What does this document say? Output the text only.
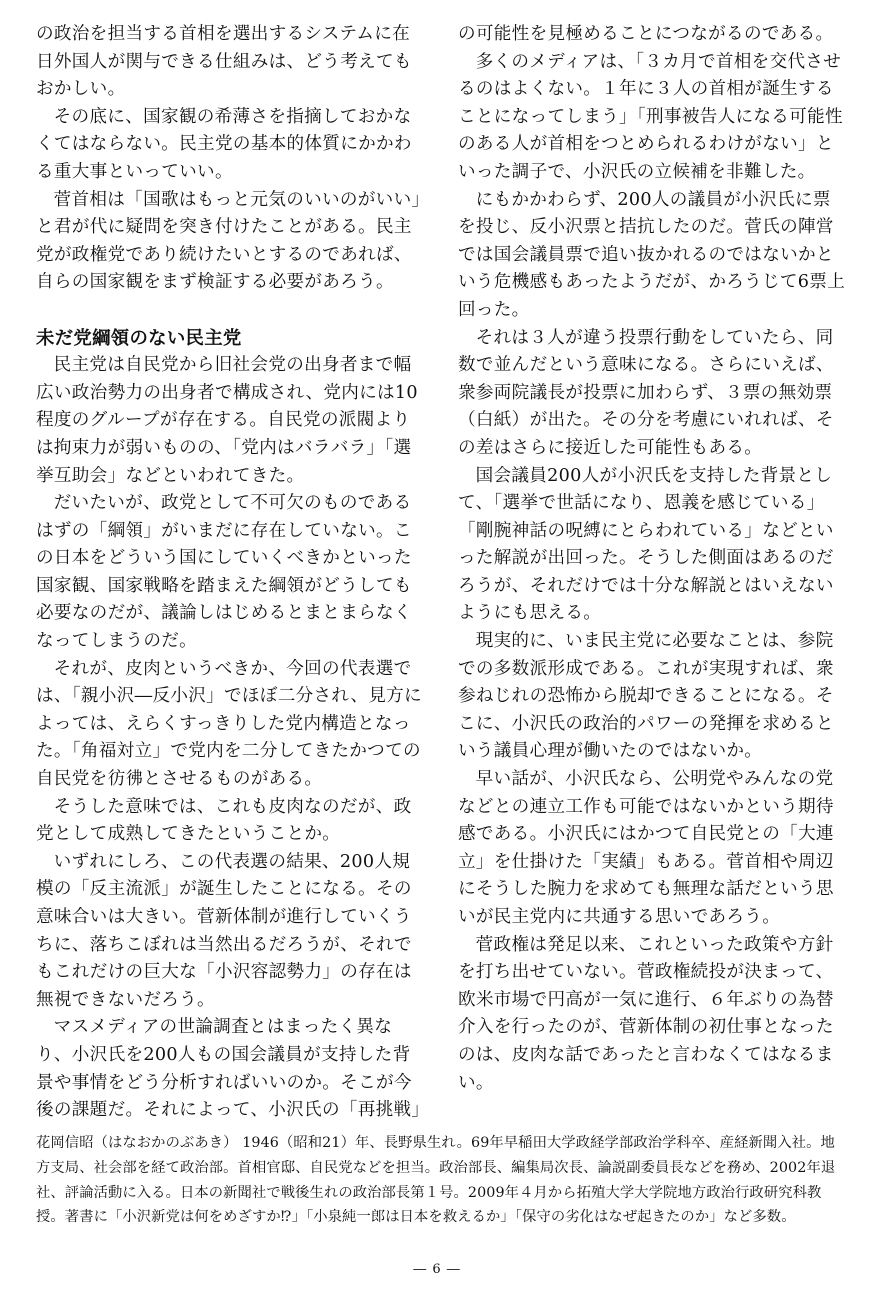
の政治を担当する首相を選出するシステムに在日外国人が関与できる仕組みは、どう考えてもおかしい。

その底に、国家観の希薄さを指摘しておかなくてはならない。民主党の基本的体質にかかわる重大事といっていい。

菅首相は「国歌はもっと元気のいいのがいい」と君が代に疑問を突き付けたことがある。民主党が政権党であり続けたいとするのであれば、自らの国家観をまず検証する必要があろう。

未だ党綱領のない民主党

民主党は自民党から旧社会党の出身者まで幅広い政治勢力の出身者で構成され、党内には10程度のグループが存在する。自民党の派閥よりは拘束力が弱いものの、「党内はバラバラ」「選挙互助会」などといわれてきた。

だいたいが、政党として不可欠のものであるはずの「綱領」がいまだに存在していない。この日本をどういう国にしていくべきかといった国家観、国家戦略を踏まえた綱領がどうしても必要なのだが、議論しはじめるとまとまらなくなってしまうのだ。

それが、皮肉というべきか、今回の代表選では、「親小沢―反小沢」でほぼ二分され、見方によっては、えらくすっきりした党内構造となった。「角福対立」で党内を二分してきたかつての自民党を彷彿とさせるものがある。

そうした意味では、これも皮肉なのだが、政党として成熟してきたということか。

いずれにしろ、この代表選の結果、200人規模の「反主流派」が誕生したことになる。その意味合いは大きい。菅新体制が進行していくうちに、落ちこぼれは当然出るだろうが、それでもこれだけの巨大な「小沢容認勢力」の存在は無視できないだろう。

マスメディアの世論調査とはまったく異なり、小沢氏を200人もの国会議員が支持した背景や事情をどう分析すればいいのか。そこが今後の課題だ。それによって、小沢氏の「再挑戦」

の可能性を見極めることにつながるのである。

多くのメディアは、「３カ月で首相を交代させるのはよくない。１年に３人の首相が誕生することになってしまう」「刑事被告人になる可能性のある人が首相をつとめられるわけがない」といった調子で、小沢氏の立候補を非難した。

にもかかわらず、200人の議員が小沢氏に票を投じ、反小沢票と拮抗したのだ。菅氏の陣営では国会議員票で追い抜かれるのではないかという危機感もあったようだが、かろうじて6票上回った。

それは３人が違う投票行動をしていたら、同数で並んだという意味になる。さらにいえば、衆参両院議長が投票に加わらず、３票の無効票（白紙）が出た。その分を考慮にいれれば、その差はさらに接近した可能性もある。

国会議員200人が小沢氏を支持した背景として、「選挙で世話になり、恩義を感じている」「剛腕神話の呪縛にとらわれている」などといった解説が出回った。そうした側面はあるのだろうが、それだけでは十分な解説とはいえないようにも思える。

現実的に、いま民主党に必要なことは、参院での多数派形成である。これが実現すれば、衆参ねじれの恐怖から脱却できることになる。そこに、小沢氏の政治的パワーの発揮を求めるという議員心理が働いたのではないか。

早い話が、小沢氏なら、公明党やみんなの党などとの連立工作も可能ではないかという期待感である。小沢氏にはかつて自民党との「大連立」を仕掛けた「実績」もある。菅首相や周辺にそうした腕力を求めても無理な話だという思いが民主党内に共通する思いであろう。

菅政権は発足以来、これといった政策や方針を打ち出せていない。菅政権続投が決まって、欧米市場で円高が一気に進行、６年ぶりの為替介入を行ったのが、菅新体制の初仕事となったのは、皮肉な話であったと言わなくてはなるまい。

花岡信昭（はなおかのぶあき） 1946（昭和21）年、長野県生れ。69年早稲田大学政経学部政治学科卒、産経新聞入社。地方支局、社会部を経て政治部。首相官邸、自民党などを担当。政治部長、編集局次長、論説副委員長などを務め、2002年退社、評論活動に入る。日本の新聞社で戦後生れの政治部長第１号。2009年４月から拓殖大学大学院地方政治行政研究科教授。著書に「小沢新党は何をめざすか⁉」「小泉純一郎は日本を救えるか」「保守の劣化はなぜ起きたのか」など多数。

― 6 ―
